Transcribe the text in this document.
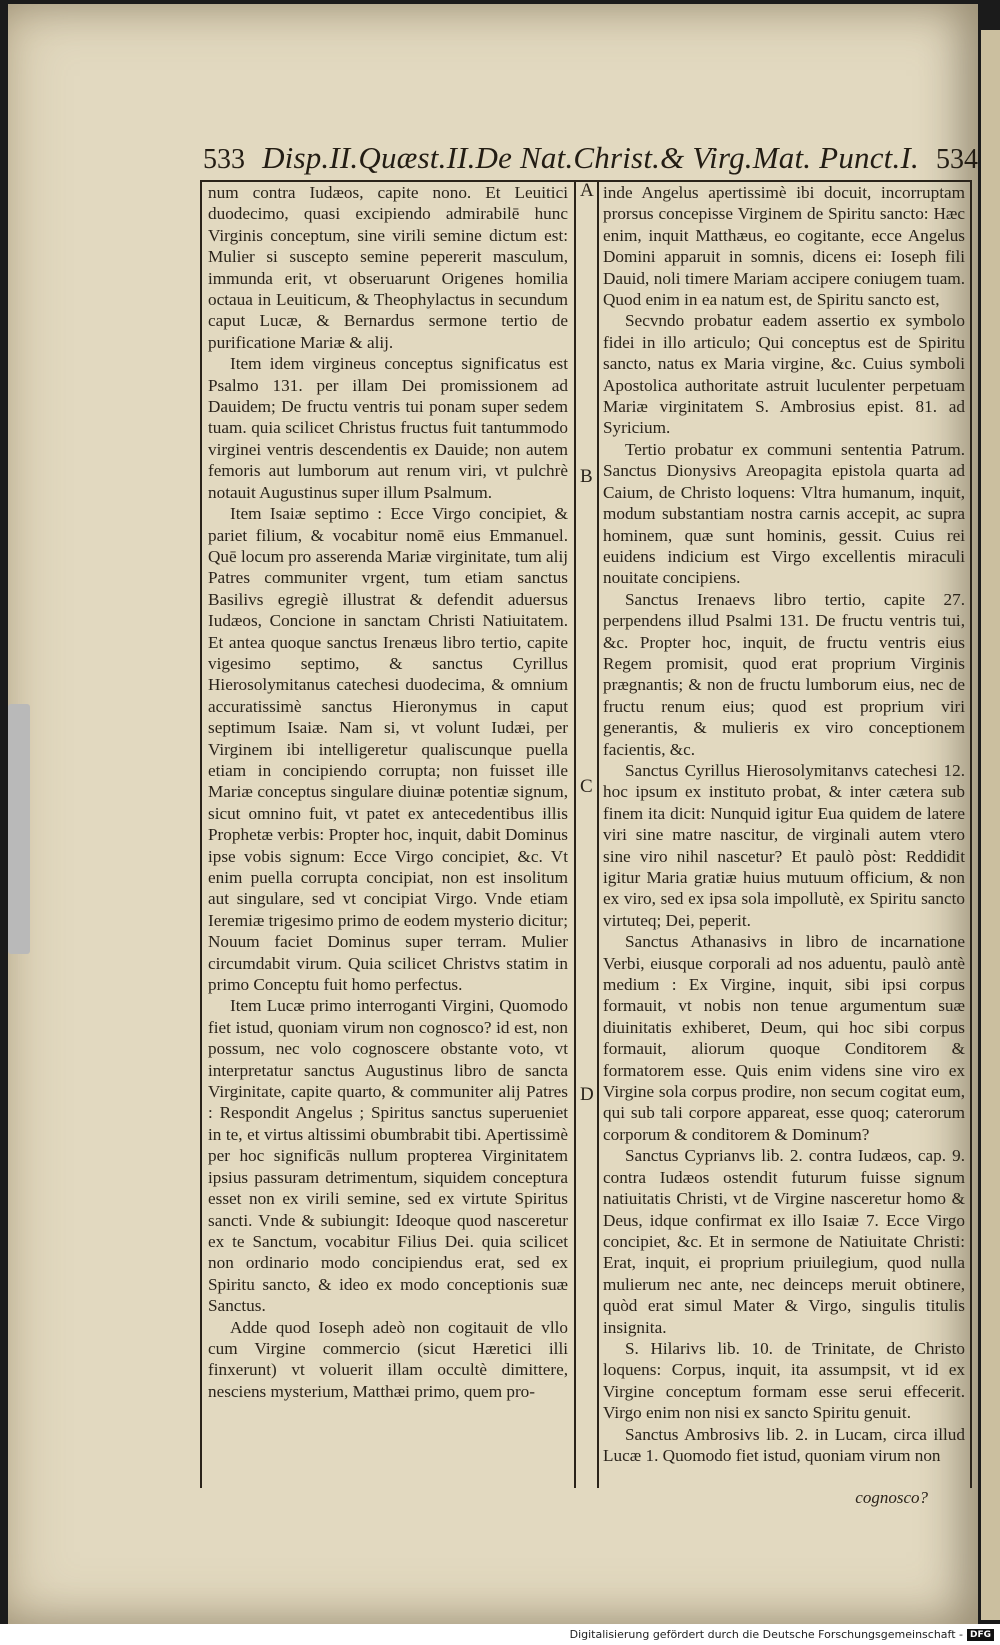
533 Disp.II.Quæst.II.De Nat.Christ.& Virg.Mat. Punct.I. 534
A
B
C
D

num contra Iudæos, capite nono. Et Leuitici duodecimo, quasi excipiendo admirabilē hunc Virginis conceptum, sine virili semine dictum est: Mulier si suscepto semine pepererit masculum, immunda erit, vt obseruarunt Origenes homilia octaua in Leuiticum, & Theophylactus in secundum caput Lucæ, & Bernardus sermone tertio de purificatione Mariæ & alij.

Item idem virgineus conceptus significatus est Psalmo 131. per illam Dei promissionem ad Dauidem; De fructu ventris tui ponam super sedem tuam. quia scilicet Christus fructus fuit tantummodo virginei ventris descendentis ex Dauide; non autem femoris aut lumborum aut renum viri, vt pulchrè notauit Augustinus super illum Psalmum.

Item Isaiæ septimo : Ecce Virgo concipiet, & pariet filium, & vocabitur nomē eius Emmanuel. Quē locum pro asserenda Mariæ virginitate, tum alij Patres communiter vrgent, tum etiam sanctus Basilivs egregiè illustrat & defendit aduersus Iudæos, Concione in sanctam Christi Natiuitatem. Et antea quoque sanctus Irenæus libro tertio, capite vigesimo septimo, & sanctus Cyrillus Hierosolymitanus catechesi duodecima, & omnium accuratissimè sanctus Hieronymus in caput septimum Isaiæ. Nam si, vt volunt Iudæi, per Virginem ibi intelligeretur qualiscunque puella etiam in concipiendo corrupta; non fuisset ille Mariæ conceptus singulare diuinæ potentiæ signum, sicut omnino fuit, vt patet ex antecedentibus illis Prophetæ verbis: Propter hoc, inquit, dabit Dominus ipse vobis signum: Ecce Virgo concipiet, &c. Vt enim puella corrupta concipiat, non est insolitum aut singulare, sed vt concipiat Virgo. Vnde etiam Ieremiæ trigesimo primo de eodem mysterio dicitur; Nouum faciet Dominus super terram. Mulier circumdabit virum. Quia scilicet Christvs statim in primo Conceptu fuit homo perfectus.

Item Lucæ primo interroganti Virgini, Quomodo fiet istud, quoniam virum non cognosco? id est, non possum, nec volo cognoscere obstante voto, vt interpretatur sanctus Augustinus libro de sancta Virginitate, capite quarto, & communiter alij Patres : Respondit Angelus ; Spiritus sanctus superueniet in te, et virtus altissimi obumbrabit tibi. Apertissimè per hoc significās nullum propterea Virginitatem ipsius passuram detrimentum, siquidem conceptura esset non ex virili semine, sed ex virtute Spiritus sancti. Vnde & subiungit: Ideoque quod nasceretur ex te Sanctum, vocabitur Filius Dei. quia scilicet non ordinario modo concipiendus erat, sed ex Spiritu sancto, & ideo ex modo conceptionis suæ Sanctus.

Adde quod Ioseph adeò non cogitauit de vllo cum Virgine commercio (sicut Hæretici illi finxerunt) vt voluerit illam occultè dimittere, nesciens mysterium, Matthæi primo, quem pro-

inde Angelus apertissimè ibi docuit, incorruptam prorsus concepisse Virginem de Spiritu sancto: Hæc enim, inquit Matthæus, eo cogitante, ecce Angelus Domini apparuit in somnis, dicens ei: Ioseph fili Dauid, noli timere Mariam accipere coniugem tuam. Quod enim in ea natum est, de Spiritu sancto est,

Secvndo probatur eadem assertio ex symbolo fidei in illo articulo; Qui conceptus est de Spiritu sancto, natus ex Maria virgine, &c. Cuius symboli Apostolica authoritate astruit luculenter perpetuam Mariæ virginitatem S. Ambrosius epist. 81. ad Syricium.

Tertio probatur ex communi sententia Patrum. Sanctus Dionysivs Areopagita epistola quarta ad Caium, de Christo loquens: Vltra humanum, inquit, modum substantiam nostra carnis accepit, ac supra hominem, quæ sunt hominis, gessit. Cuius rei euidens indicium est Virgo excellentis miraculi nouitate concipiens.

Sanctus Irenaevs libro tertio, capite 27. perpendens illud Psalmi 131. De fructu ventris tui, &c. Propter hoc, inquit, de fructu ventris eius Regem promisit, quod erat proprium Virginis prægnantis; & non de fructu lumborum eius, nec de fructu renum eius; quod est proprium viri generantis, & mulieris ex viro conceptionem facientis, &c.

Sanctus Cyrillus Hierosolymitanvs catechesi 12. hoc ipsum ex instituto probat, & inter cætera sub finem ita dicit: Nunquid igitur Eua quidem de latere viri sine matre nascitur, de virginali autem vtero sine viro nihil nascetur? Et paulò pòst: Reddidit igitur Maria gratiæ huius mutuum officium, & non ex viro, sed ex ipsa sola impollutè, ex Spiritu sancto virtuteq; Dei, peperit.

Sanctus Athanasivs in libro de incarnatione Verbi, eiusque corporali ad nos aduentu, paulò antè medium : Ex Virgine, inquit, sibi ipsi corpus formauit, vt nobis non tenue argumentum suæ diuinitatis exhiberet, Deum, qui hoc sibi corpus formauit, aliorum quoque Conditorem & formatorem esse. Quis enim videns sine viro ex Virgine sola corpus prodire, non secum cogitat eum, qui sub tali corpore appareat, esse quoq; caterorum corporum & conditorem & Dominum?

Sanctus Cyprianvs lib. 2. contra Iudæos, cap. 9. contra Iudæos ostendit futurum fuisse signum natiuitatis Christi, vt de Virgine nasceretur homo & Deus, idque confirmat ex illo Isaiæ 7. Ecce Virgo concipiet, &c. Et in sermone de Natiuitate Christi: Erat, inquit, ei proprium priuilegium, quod nulla mulierum nec ante, nec deinceps meruit obtinere, quòd erat simul Mater & Virgo, singulis titulis insignita.

S. Hilarivs lib. 10. de Trinitate, de Christo loquens: Corpus, inquit, ita assumpsit, vt id ex Virgine conceptum formam esse serui effecerit. Virgo enim non nisi ex sancto Spiritu genuit.

Sanctus Ambrosivs lib. 2. in Lucam, circa illud Lucæ 1. Quomodo fiet istud, quoniam virum non

cognosco?
Digitalisierung gefördert durch die Deutsche Forschungsgemeinschaft - DFG
